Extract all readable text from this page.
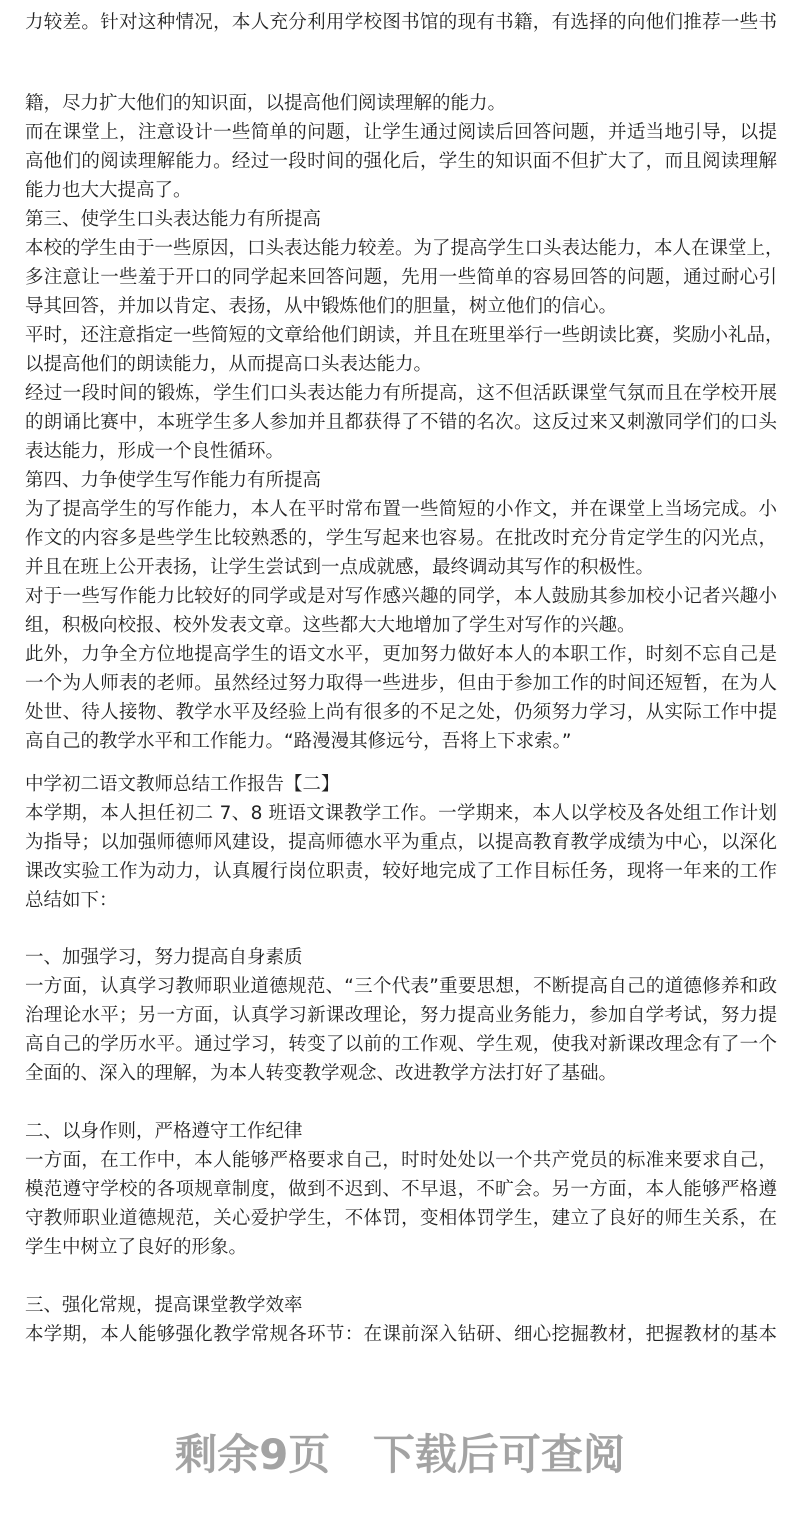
力较差。针对这种情况，本人充分利用学校图书馆的现有书籍，有选择的向他们推荐一些书
籍，尽力扩大他们的知识面，以提高他们阅读理解的能力。
而在课堂上，注意设计一些简单的问题，让学生通过阅读后回答问题，并适当地引导，以提
高他们的阅读理解能力。经过一段时间的强化后，学生的知识面不但扩大了，而且阅读理解
能力也大大提高了。
第三、使学生口头表达能力有所提高
本校的学生由于一些原因，口头表达能力较差。为了提高学生口头表达能力，本人在课堂上，
多注意让一些羞于开口的同学起来回答问题，先用一些简单的容易回答的问题，通过耐心引
导其回答，并加以肯定、表扬，从中锻炼他们的胆量，树立他们的信心。
平时，还注意指定一些简短的文章给他们朗读，并且在班里举行一些朗读比赛，奖励小礼品，
以提高他们的朗读能力，从而提高口头表达能力。
经过一段时间的锻炼，学生们口头表达能力有所提高，这不但活跃课堂气氛而且在学校开展
的朗诵比赛中，本班学生多人参加并且都获得了不错的名次。这反过来又刺激同学们的口头
表达能力，形成一个良性循环。
第四、力争使学生写作能力有所提高
为了提高学生的写作能力，本人在平时常布置一些简短的小作文，并在课堂上当场完成。小
作文的内容多是些学生比较熟悉的，学生写起来也容易。在批改时充分肯定学生的闪光点，
并且在班上公开表扬，让学生尝试到一点成就感，最终调动其写作的积极性。
对于一些写作能力比较好的同学或是对写作感兴趣的同学，本人鼓励其参加校小记者兴趣小
组，积极向校报、校外发表文章。这些都大大地增加了学生对写作的兴趣。
此外，力争全方位地提高学生的语文水平，更加努力做好本人的本职工作，时刻不忘自己是
一个为人师表的老师。虽然经过努力取得一些进步，但由于参加工作的时间还短暂，在为人
处世、待人接物、教学水平及经验上尚有很多的不足之处，仍须努力学习，从实际工作中提
高自己的教学水平和工作能力。“路漫漫其修远兮，吾将上下求索。”
中学初二语文教师总结工作报告【二】
本学期，本人担任初二 7、8 班语文课教学工作。一学期来，本人以学校及各处组工作计划
为指导；以加强师德师风建设，提高师德水平为重点，以提高教育教学成绩为中心，以深化
课改实验工作为动力，认真履行岗位职责，较好地完成了工作目标任务，现将一年来的工作
总结如下：
一、加强学习，努力提高自身素质
一方面，认真学习教师职业道德规范、“三个代表”重要思想，不断提高自己的道德修养和政
治理论水平；另一方面，认真学习新课改理论，努力提高业务能力，参加自学考试，努力提
高自己的学历水平。通过学习，转变了以前的工作观、学生观，使我对新课改理念有了一个
全面的、深入的理解，为本人转变教学观念、改进教学方法打好了基础。
二、以身作则，严格遵守工作纪律
一方面，在工作中，本人能够严格要求自己，时时处处以一个共产党员的标准来要求自己，
模范遵守学校的各项规章制度，做到不迟到、不早退，不旷会。另一方面，本人能够严格遵
守教师职业道德规范，关心爱护学生，不体罚，变相体罚学生，建立了良好的师生关系，在
学生中树立了良好的形象。
三、强化常规，提高课堂教学效率
本学期，本人能够强化教学常规各环节：在课前深入钻研、细心挖掘教材，把握教材的基本
剩余9页 下载后可查阅
